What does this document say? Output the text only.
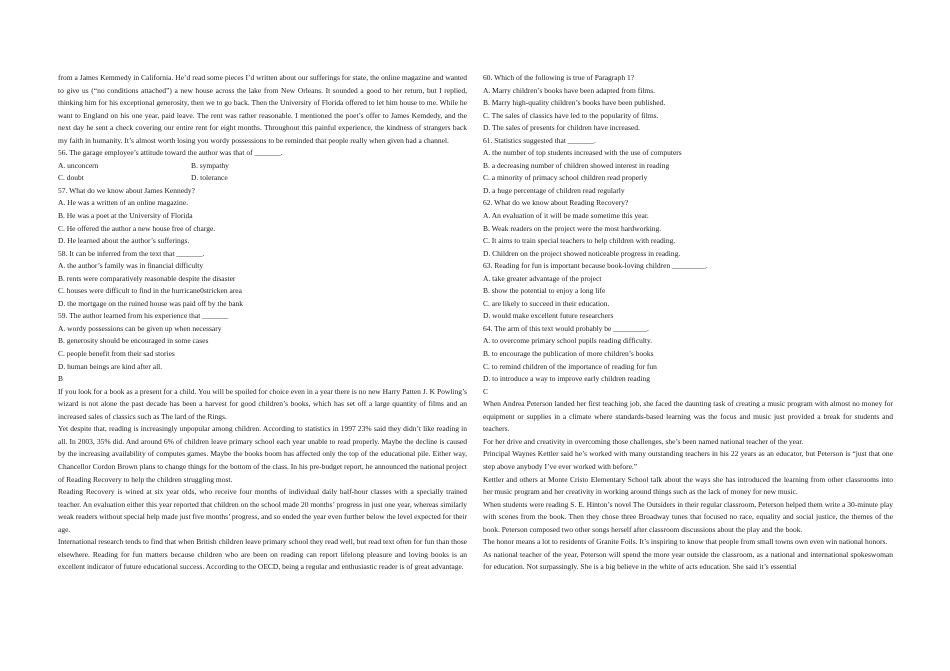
from a James Kemmedy in California. He’d read some pieces I’d written about our sufferings for state, the online magazine and wanted to give us (“no conditions attached”) a new house across the lake from New Orleans. It sounded a good to her return, but I replied, thinking him for his exceptional generosity, then we to go back. Then the University of Florida offered to let him house to me. While he want to England on his one year, paid leave. The rent was rather reasonable. I mentioned the poet’s offer to James Kemdedy, and the next day he sent a check covering our entire rent for eight months. Throughout this painful experience, the kindness of strangers back my faith in humanity. It’s almost worth losing you wordy possessions to be reminded that people really when given had a channel.

56. The garage employee’s attitude toward the author was that of _______.

A. unconcern	B. sympathy
C. doubt	D. tolerance

57. What do we know about James Kennedy?

A. He was a written of an online magazine.

B. He was a poet at the University of Florida

C. He offered the author a new house free of charge.

D. He learned about the author’s sufferings.

58. It can be inferred from the text that _______.

A. the author’s family was in financial difficulty

B. rents were comparatively reasonable despite the disaster

C. houses were difficult to find in the hurricane0stricken area

D. the mortgage on the ruined house was paid off by the bank

59. The author learned from his experience that _______

A. wordy possessions can be given up when necessary

B. generosity should be encouraged in some cases

C. people benefit from their sad stories

D. human beings are kind after all.

B

If you look for a book as a present for a child. You will be spoiled for choice even in a year there is no new Harry Patten J. K Powling’s wizard is not alone the past decade has been a harvest for good children’s books, which has set off a large quantity of films and an increased sales of classics such as The lard of the Rings.

Yet despite that, reading is increasingly unpopular among children. According to statistics in 1997 23% said they didn’t like reading in all. In 2003, 35% did. And around 6% of children leave primary school each year unable to read properly. Maybe the decline is caused by the increasing availability of computes games. Maybe the books boom has affected only the top of the educational pile. Either way, Chancellor Cordon Brown plans to change things for the bottom of the class. In his pre-budget report, he announced the national project of Reading Recovery to help the children struggling most.

Reading Recovery is wined at six year olds, who receive four months of individual daily half-hour classes with a specially trained teacher. An evaluation either this year reported that children on the school made 20 months’ progress in just one year, whereas similarly weak readers without special help made just five months’ progress, and so ended the year even further below the level expected for their age.

International research tends to find that when British children leave primary school they read well, but read text often for fun than those elsewhere. Reading for fun matters because children who are been on reading can report lifelong pleasure and loving books is an excellent indicator of future educational success. According to the OECD, being a regular and enthusiastic reader is of great advantage.

60. Which of the following is true of Paragraph 1?

A. Marry children’s books have been adapted from films.

B. Marry high-quality children’s books have been published.

C. The sales of classics have led to the popularity of films.

D. The sales of presents for children have increased.

61. Statistics suggested that _______.

A. the number of top students increased with the use of computers

B. a decreasing number of children showed interest in reading

C. a minority of primacy school children read properly

D. a huge percentage of children read regularly

62. What do we know about Reading Recovery?

A. An evaluation of it will be made sometime this year.

B. Weak readers on the project were the most hardworking.

C. It aims to train special teachers to help children with reading.

D. Children on the project showed noticeable progress in reading.

63. Reading for fun is important because book-loving children _________.

A. take greater advantage of the project

B. show the potential to enjoy a long life

C. are likely to succeed in their education.

D. would make excellent future researchers

64. The arm of this text would probably be _________.

A. to overcome primary school pupils reading difficulty.

B. to encourage the publication of more children’s books

C. to remind children of the importance of reading for fun

D. to introduce a way to improve early children reading

C

When Andrea Peterson landed her first teaching job, she faced the daunting task of creating a music program with almost no money for equipment or supplies in a climate where standards-based learning was the focus and music just provided a break for students and teachers.

For her drive and creativity in overcoming those challenges, she’s been named national teacher of the year.

Principal Waynes Kettler said he’s worked with many outstanding teachers in his 22 years as an educator, but Peterson is “just that one step above anybody I’ve ever worked with before.”

Kettler and others at Monte Cristo Elementary School talk about the ways she has introduced the learning from other classrooms into her music program and her creativity in working around things such as the lack of money for new music.

When students were reading S. E. Hinton’s novel The Outsiders in their regular classroom, Peterson helped them write a 30-minute play with scenes from the book. Then they chose three Broadway tunes that focused no race, equality and social justice, the themes of the book. Peterson composed two other songs herself after classroom discussions about the play and the book.

The honor means a lot to residents of Granite Foils. It’s inspiring to know that people from small towns own even win national honors.

As national teacher of the year, Peterson will spend the more year outside the classroom, as a national and international spokeswoman for education. Not surpassingly. She is a big believe in the white of acts education. She said it’s essential
